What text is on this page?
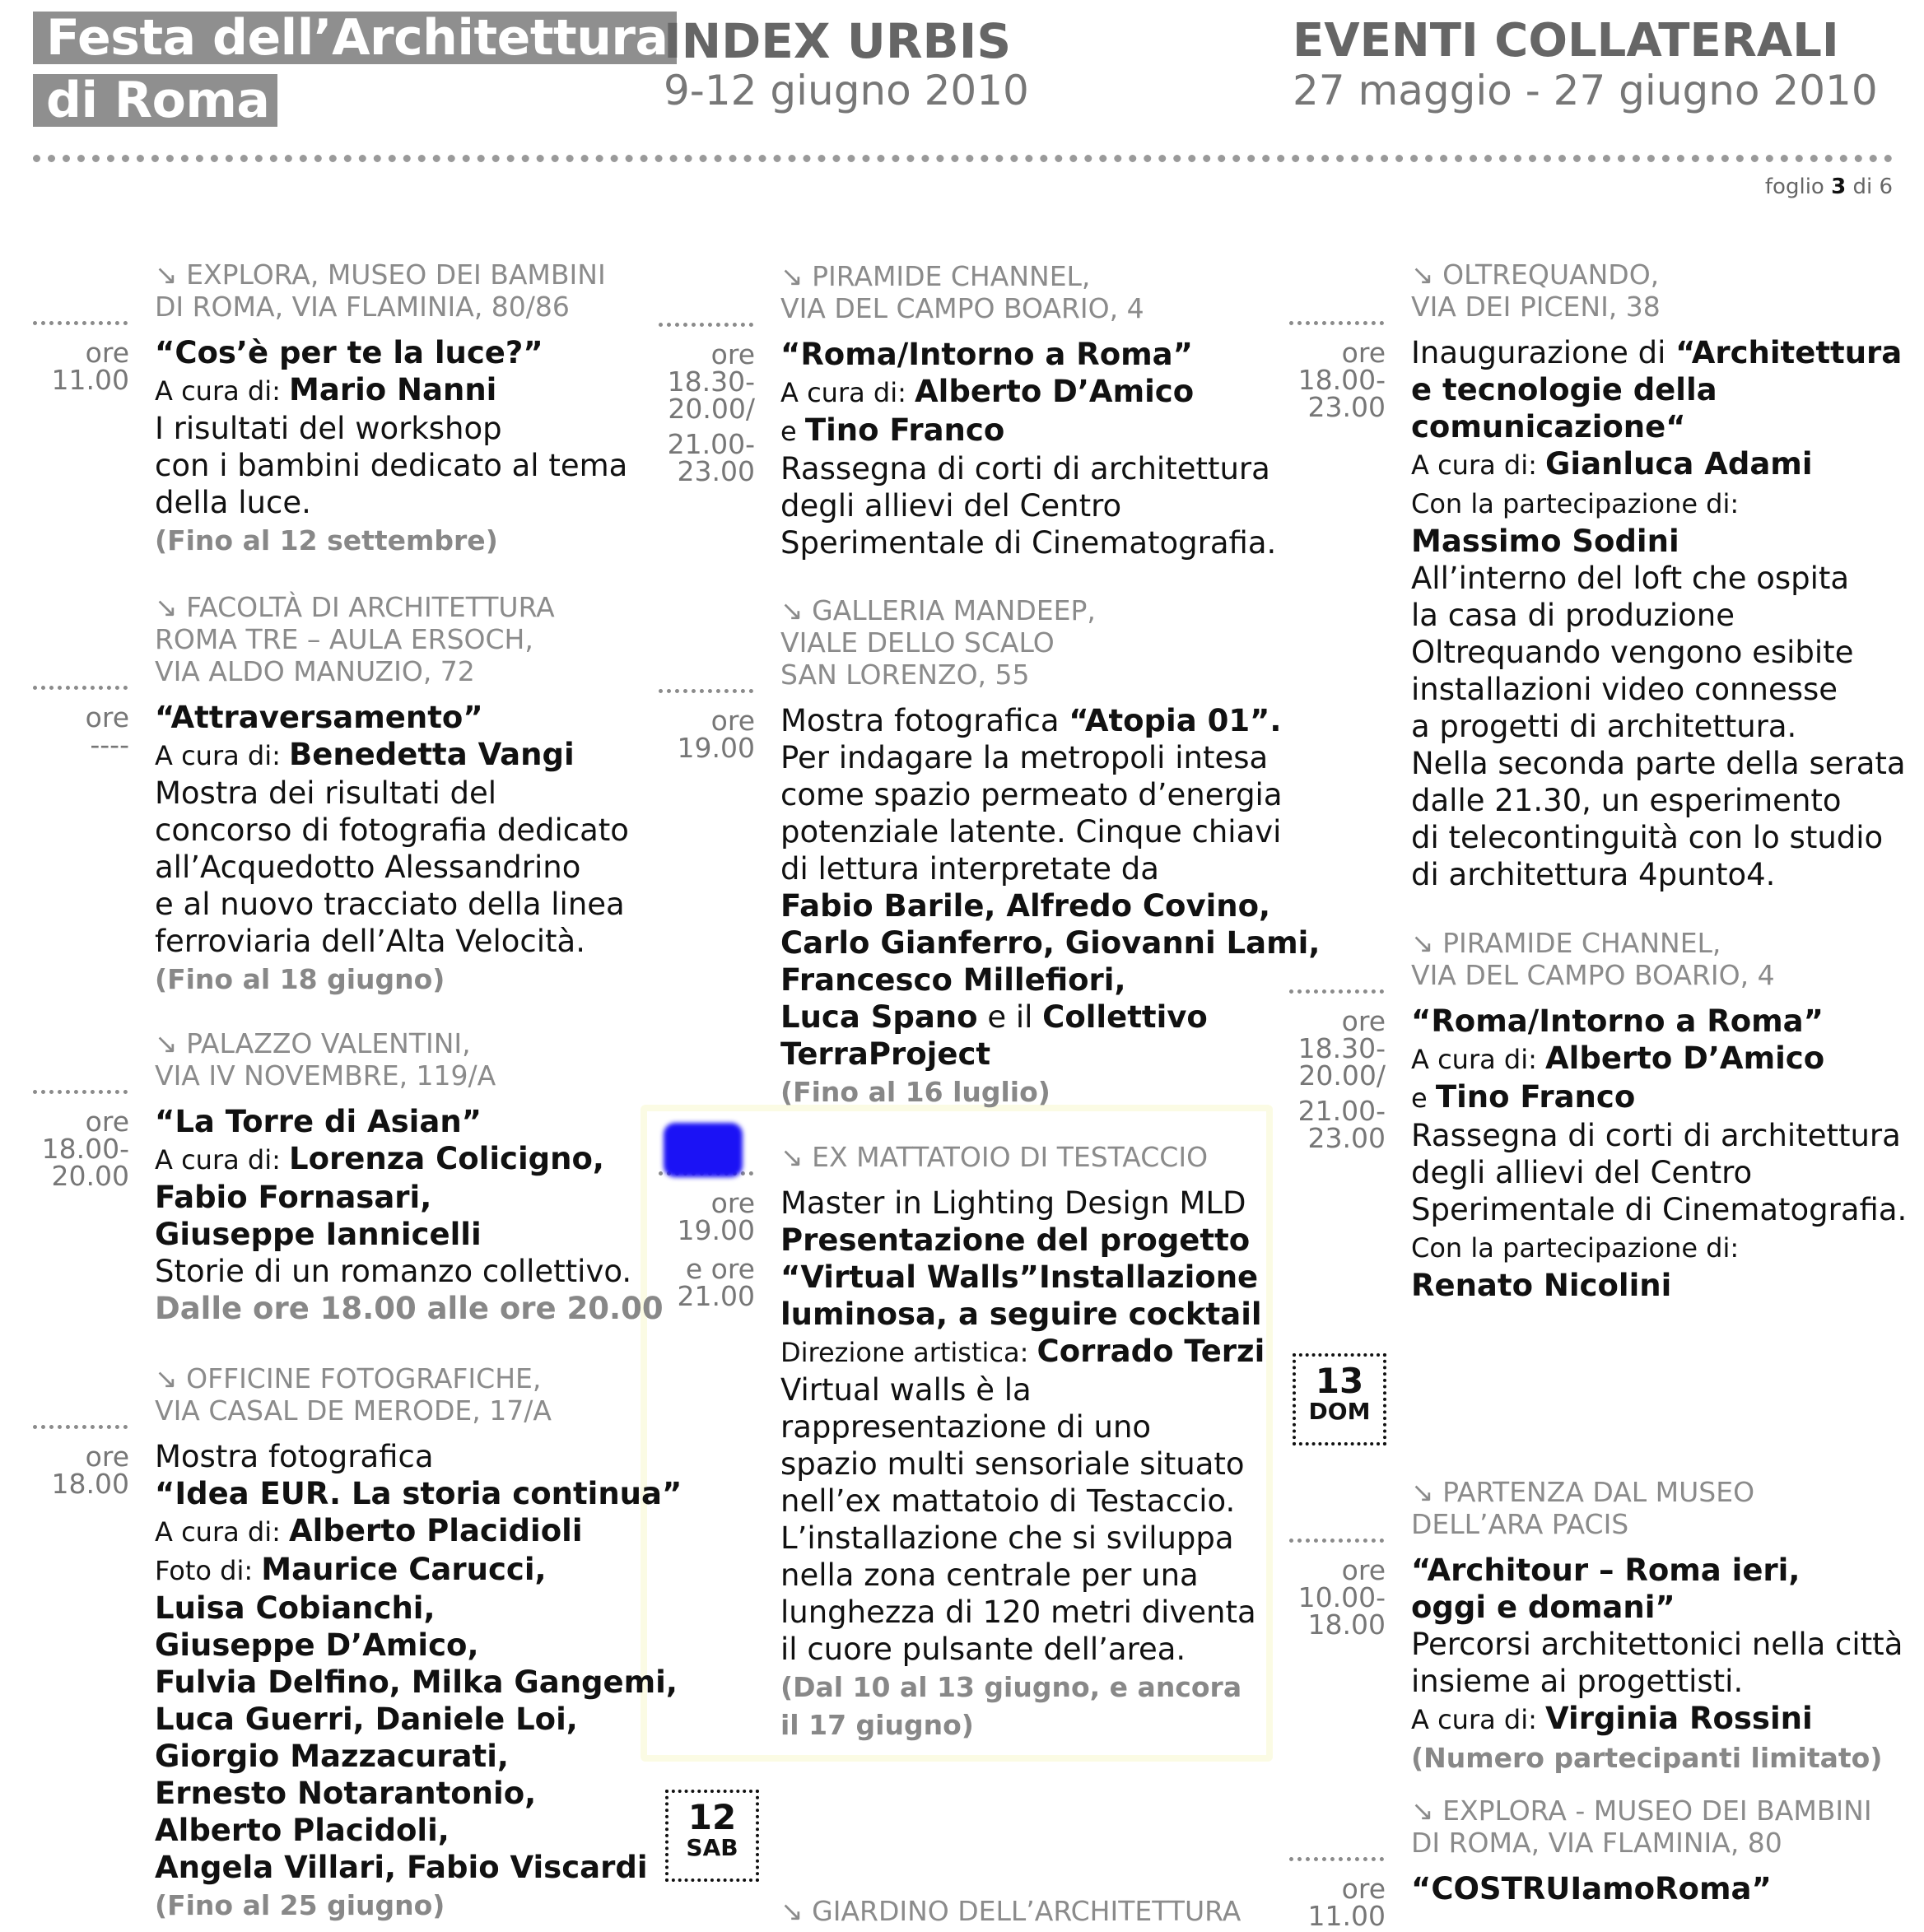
Festa dell’Architettura
di Roma
INDEX URBIS
9-12 giugno 2010
EVENTI COLLATERALI
27 maggio - 27 giugno 2010
foglio 3 di 6
↘ EXPLORA, MUSEO DEI BAMBINI
DI ROMA, VIA FLAMINIA, 80/86
ore
11.00
“Cos’è per te la luce?”
A cura di: Mario Nanni
I risultati del workshop
con i bambini dedicato al tema
della luce.
(Fino al 12 settembre)
↘ FACOLTÀ DI ARCHITETTURA
ROMA TRE – AULA ERSOCH,
VIA ALDO MANUZIO, 72
ore
----
“Attraversamento”
A cura di: Benedetta Vangi
Mostra dei risultati del
concorso di fotografia dedicato
all’Acquedotto Alessandrino
e al nuovo tracciato della linea
ferroviaria dell’Alta Velocità.
(Fino al 18 giugno)
↘ PALAZZO VALENTINI,
VIA IV NOVEMBRE, 119/A
ore
18.00-
20.00
“La Torre di Asian”
A cura di: Lorenza Colicigno,
Fabio Fornasari,
Giuseppe Iannicelli
Storie di un romanzo collettivo.
Dalle ore 18.00 alle ore 20.00
↘ OFFICINE FOTOGRAFICHE,
VIA CASAL DE MERODE, 17/A
ore
18.00
Mostra fotografica
“Idea EUR. La storia continua”
A cura di: Alberto Placidioli
Foto di: Maurice Carucci,
Luisa Cobianchi,
Giuseppe D’Amico,
Fulvia Delfino, Milka Gangemi,
Luca Guerri, Daniele Loi,
Giorgio Mazzacurati,
Ernesto Notarantonio,
Alberto Placidoli,
Angela Villari, Fabio Viscardi
(Fino al 25 giugno)
↘ PIRAMIDE CHANNEL,
VIA DEL CAMPO BOARIO, 4
ore
18.30-
20.00/
21.00-
23.00
“Roma/Intorno a Roma”
A cura di: Alberto D’Amico
e Tino Franco
Rassegna di corti di architettura
degli allievi del Centro
Sperimentale di Cinematografia.
↘ GALLERIA MANDEEP,
VIALE DELLO SCALO
SAN LORENZO, 55
ore
19.00
Mostra fotografica “Atopia 01”.
Per indagare la metropoli intesa
come spazio permeato d’energia
potenziale latente. Cinque chiavi
di lettura interpretate da
Fabio Barile, Alfredo Covino,
Carlo Gianferro, Giovanni Lami,
Francesco Millefiori,
Luca Spano e il Collettivo
TerraProject
(Fino al 16 luglio)
↘ EX MATTATOIO DI TESTACCIO
ore
19.00
e ore
21.00
Master in Lighting Design MLD
Presentazione del progetto
“Virtual Walls”Installazione
luminosa, a seguire cocktail
Direzione artistica: Corrado Terzi
Virtual walls è la
rappresentazione di uno
spazio multi sensoriale situato
nell’ex mattatoio di Testaccio.
L’installazione che si sviluppa
nella zona centrale per una
lunghezza di 120 metri diventa
il cuore pulsante dell’area.
(Dal 10 al 13 giugno, e ancora
il 17 giugno)
↘ OLTREQUANDO,
VIA DEI PICENI, 38
ore
18.00-
23.00
Inaugurazione di “Architettura
e tecnologie della
comunicazione“
A cura di: Gianluca Adami
Con la partecipazione di:
Massimo Sodini
All’interno del loft che ospita
la casa di produzione
Oltrequando vengono esibite
installazioni video connesse
a progetti di architettura.
Nella seconda parte della serata
dalle 21.30, un esperimento
di telecontinguità con lo studio
di architettura 4punto4.
↘ PIRAMIDE CHANNEL,
VIA DEL CAMPO BOARIO, 4
ore
18.30-
20.00/
21.00-
23.00
“Roma/Intorno a Roma”
A cura di: Alberto D’Amico
e Tino Franco
Rassegna di corti di architettura
degli allievi del Centro
Sperimentale di Cinematografia.
Con la partecipazione di:
Renato Nicolini
↘ PARTENZA DAL MUSEO
DELL’ARA PACIS
ore
10.00-
18.00
“Architour – Roma ieri,
oggi e domani”
Percorsi architettonici nella città
insieme ai progettisti.
A cura di: Virginia Rossini
(Numero partecipanti limitato)
↘ EXPLORA - MUSEO DEI BAMBINI
DI ROMA, VIA FLAMINIA, 80
ore
11.00
“COSTRUIamoRoma”
12
SAB
13
DOM
↘ GIARDINO DELL’ARCHITETTURA
